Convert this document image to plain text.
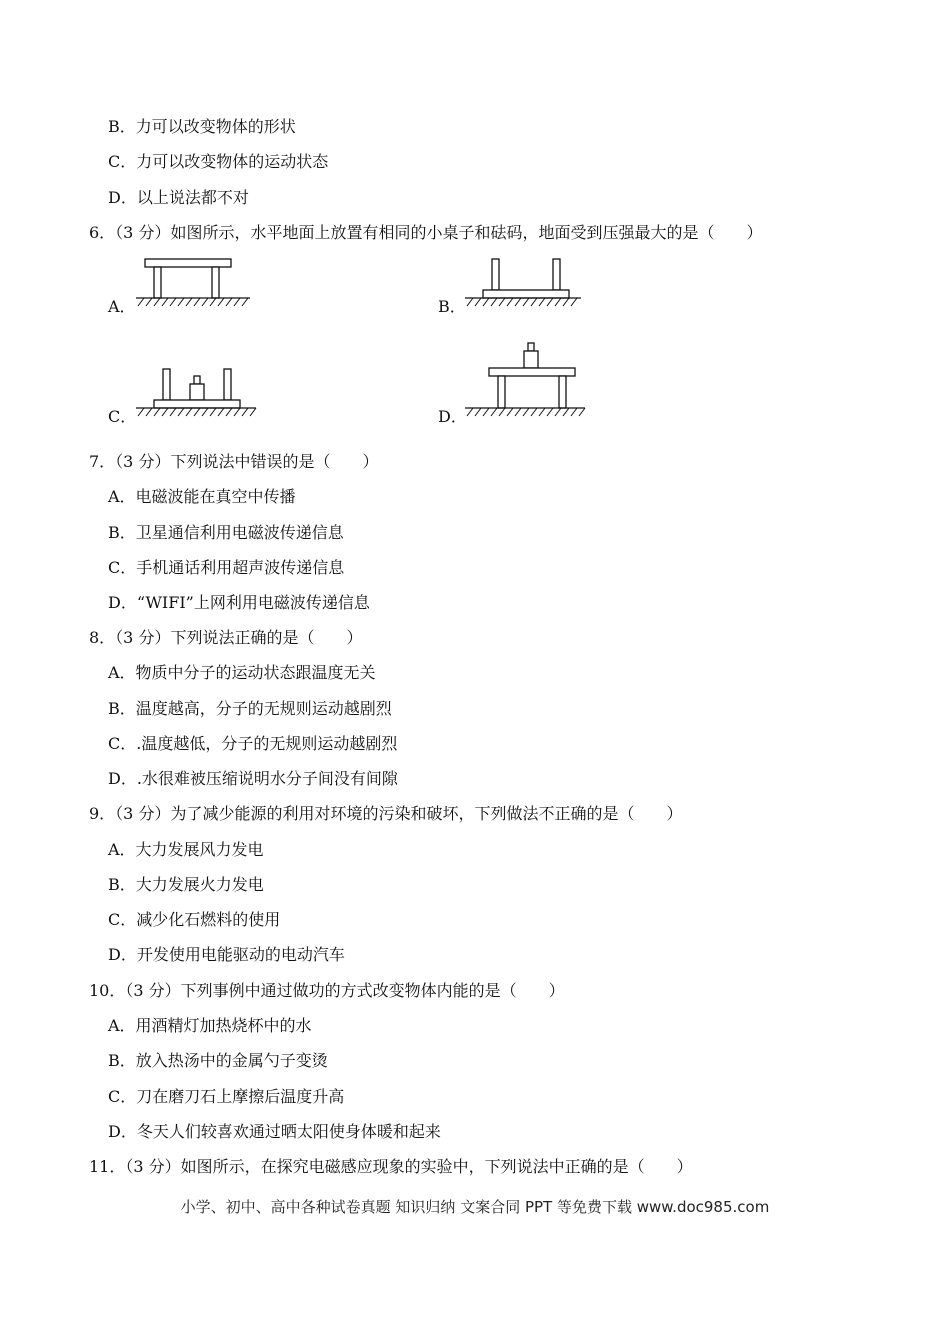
B．力可以改变物体的形状
C．力可以改变物体的运动状态
D．以上说法都不对
6．（3 分）如图所示，水平地面上放置有相同的小桌子和砝码，地面受到压强最大的是（　　）
A．	B．
C．	D．
7．（3 分）下列说法中错误的是（　　）
A．电磁波能在真空中传播
B．卫星通信利用电磁波传递信息
C．手机通话利用超声波传递信息
D．“WIFI”上网利用电磁波传递信息
8．（3 分）下列说法正确的是（　　）
A．物质中分子的运动状态跟温度无关
B．温度越高，分子的无规则运动越剧烈
C．.温度越低，分子的无规则运动越剧烈
D．.水很难被压缩说明水分子间没有间隙
9．（3 分）为了减少能源的利用对环境的污染和破坏，下列做法不正确的是（　　）
A．大力发展风力发电
B．大力发展火力发电
C．减少化石燃料的使用
D．开发使用电能驱动的电动汽车
10．（3 分）下列事例中通过做功的方式改变物体内能的是（　　）
A．用酒精灯加热烧杯中的水
B．放入热汤中的金属勺子变烫
C．刀在磨刀石上摩擦后温度升高
D．冬天人们较喜欢通过晒太阳使身体暖和起来
11．（3 分）如图所示，在探究电磁感应现象的实验中，下列说法中正确的是（　　）
小学、初中、高中各种试卷真题 知识归纳 文案合同 PPT 等免费下载 www.doc985.com
